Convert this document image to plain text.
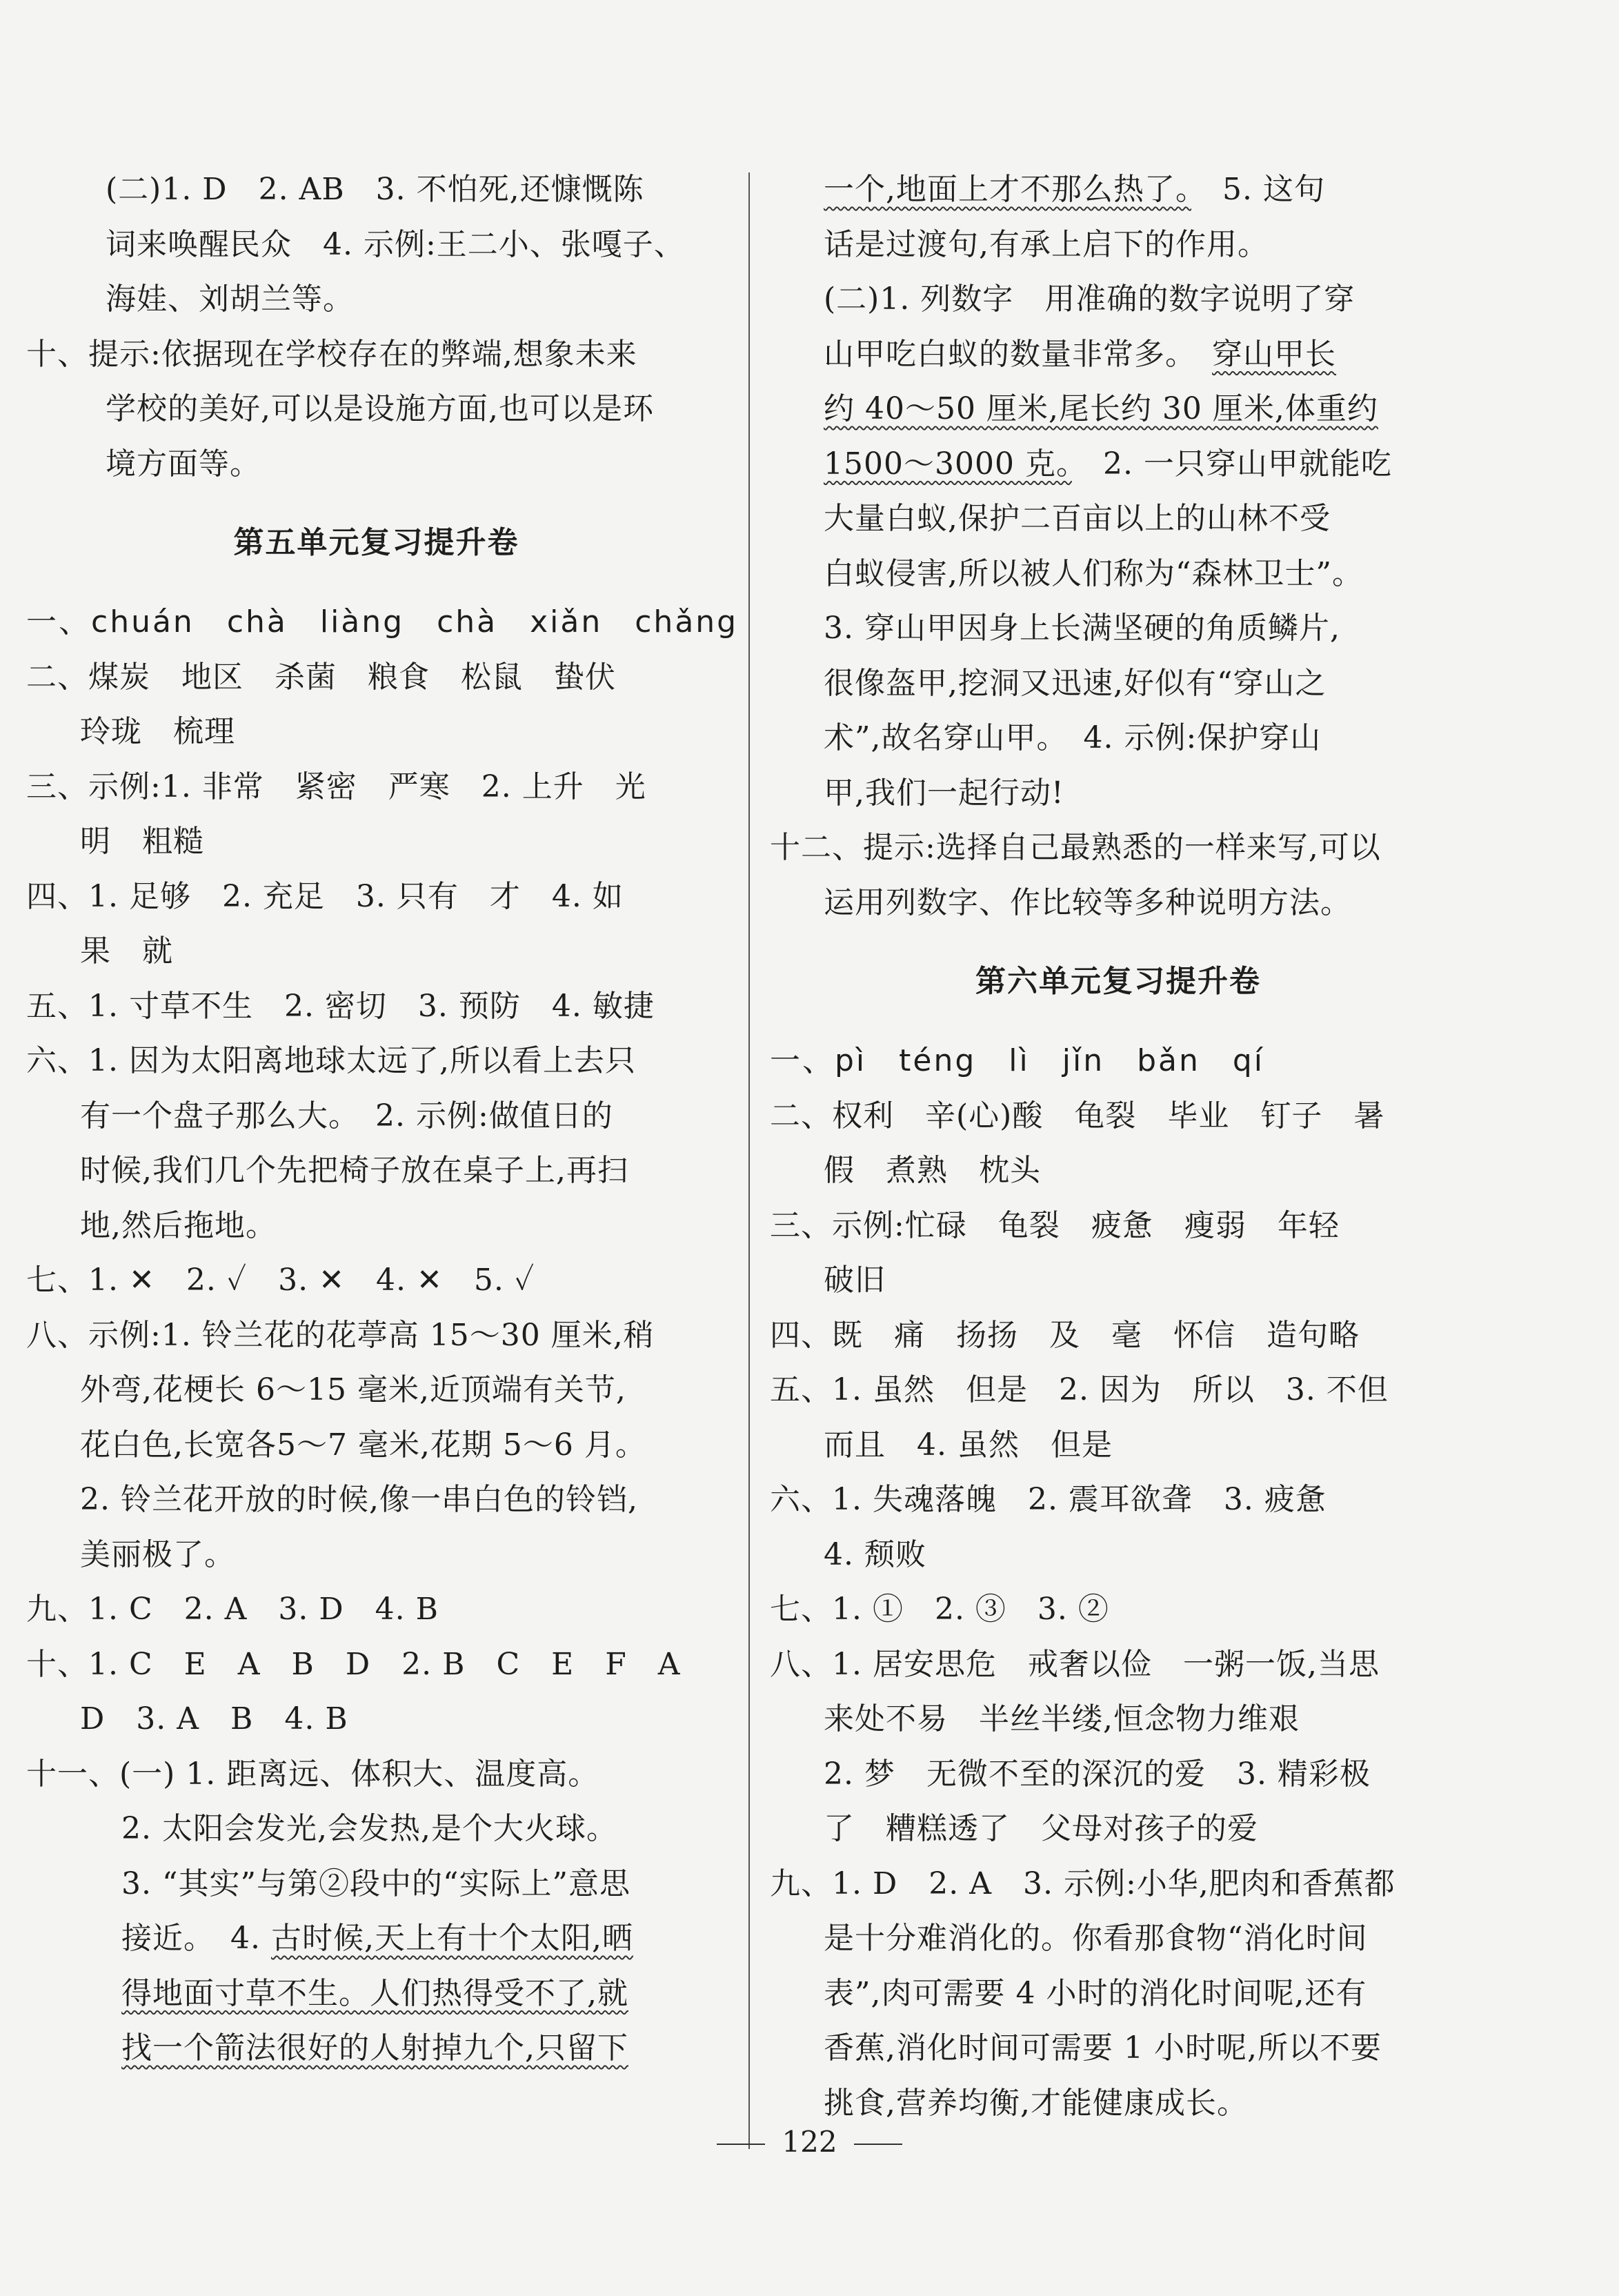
(二)1. D　2. AB　3. 不怕死,还慷慨陈
词来唤醒民众　4. 示例:王二小、张嘎子、
海娃、刘胡兰等。
十、提示:依据现在学校存在的弊端,想象未来
学校的美好,可以是设施方面,也可以是环
境方面等。
第五单元复习提升卷
一、chuán　chà　liàng　chà　xiǎn　chǎng
二、煤炭　地区　杀菌　粮食　松鼠　蛰伏
玲珑　梳理
三、示例:1. 非常　紧密　严寒　2. 上升　光
明　粗糙
四、1. 足够　2. 充足　3. 只有　才　4. 如
果　就
五、1. 寸草不生　2. 密切　3. 预防　4. 敏捷
六、1. 因为太阳离地球太远了,所以看上去只
有一个盘子那么大。　2. 示例:做值日的
时候,我们几个先把椅子放在桌子上,再扫
地,然后拖地。
七、1. ✕　2. ✓　3. ✕　4. ✕　5. ✓
八、示例:1. 铃兰花的花葶高 15～30 厘米,稍
外弯,花梗长 6～15 毫米,近顶端有关节,
花白色,长宽各5～7 毫米,花期 5～6 月。
2. 铃兰花开放的时候,像一串白色的铃铛,
美丽极了。
九、1. C　2. A　3. D　4. B
十、1. C　E　A　B　D　2. B　C　E　F　A
D　3. A　B　4. B
十一、(一) 1. 距离远、体积大、温度高。
2. 太阳会发光,会发热,是个大火球。
3. “其实”与第②段中的“实际上”意思
接近。　4. 古时候,天上有十个太阳,晒
得地面寸草不生。人们热得受不了,就
找一个箭法很好的人射掉九个,只留下
一个,地面上才不那么热了。　5. 这句
话是过渡句,有承上启下的作用。
(二)1. 列数字　用准确的数字说明了穿
山甲吃白蚁的数量非常多。　穿山甲长
约 40～50 厘米,尾长约 30 厘米,体重约
1500～3000 克。　2. 一只穿山甲就能吃
大量白蚁,保护二百亩以上的山林不受
白蚁侵害,所以被人们称为“森林卫士”。
3. 穿山甲因身上长满坚硬的角质鳞片,
很像盔甲,挖洞又迅速,好似有“穿山之
术”,故名穿山甲。　4. 示例:保护穿山
甲,我们一起行动!
十二、提示:选择自己最熟悉的一样来写,可以
运用列数字、作比较等多种说明方法。
第六单元复习提升卷
一、pì　téng　lì　jǐn　bǎn　qí
二、权利　辛(心)酸　龟裂　毕业　钉子　暑
假　煮熟　枕头
三、示例:忙碌　龟裂　疲惫　瘦弱　年轻
破旧
四、既　痛　扬扬　及　毫　怀信　造句略
五、1. 虽然　但是　2. 因为　所以　3. 不但
而且　4. 虽然　但是
六、1. 失魂落魄　2. 震耳欲聋　3. 疲惫
4. 颓败
七、1. ①　2. ③　3. ②
八、1. 居安思危　戒奢以俭　一粥一饭,当思
来处不易　半丝半缕,恒念物力维艰
2. 梦　无微不至的深沉的爱　3. 精彩极
了　糟糕透了　父母对孩子的爱
九、1. D　2. A　3. 示例:小华,肥肉和香蕉都
是十分难消化的。你看那食物“消化时间
表”,肉可需要 4 小时的消化时间呢,还有
香蕉,消化时间可需要 1 小时呢,所以不要
挑食,营养均衡,才能健康成长。
122
